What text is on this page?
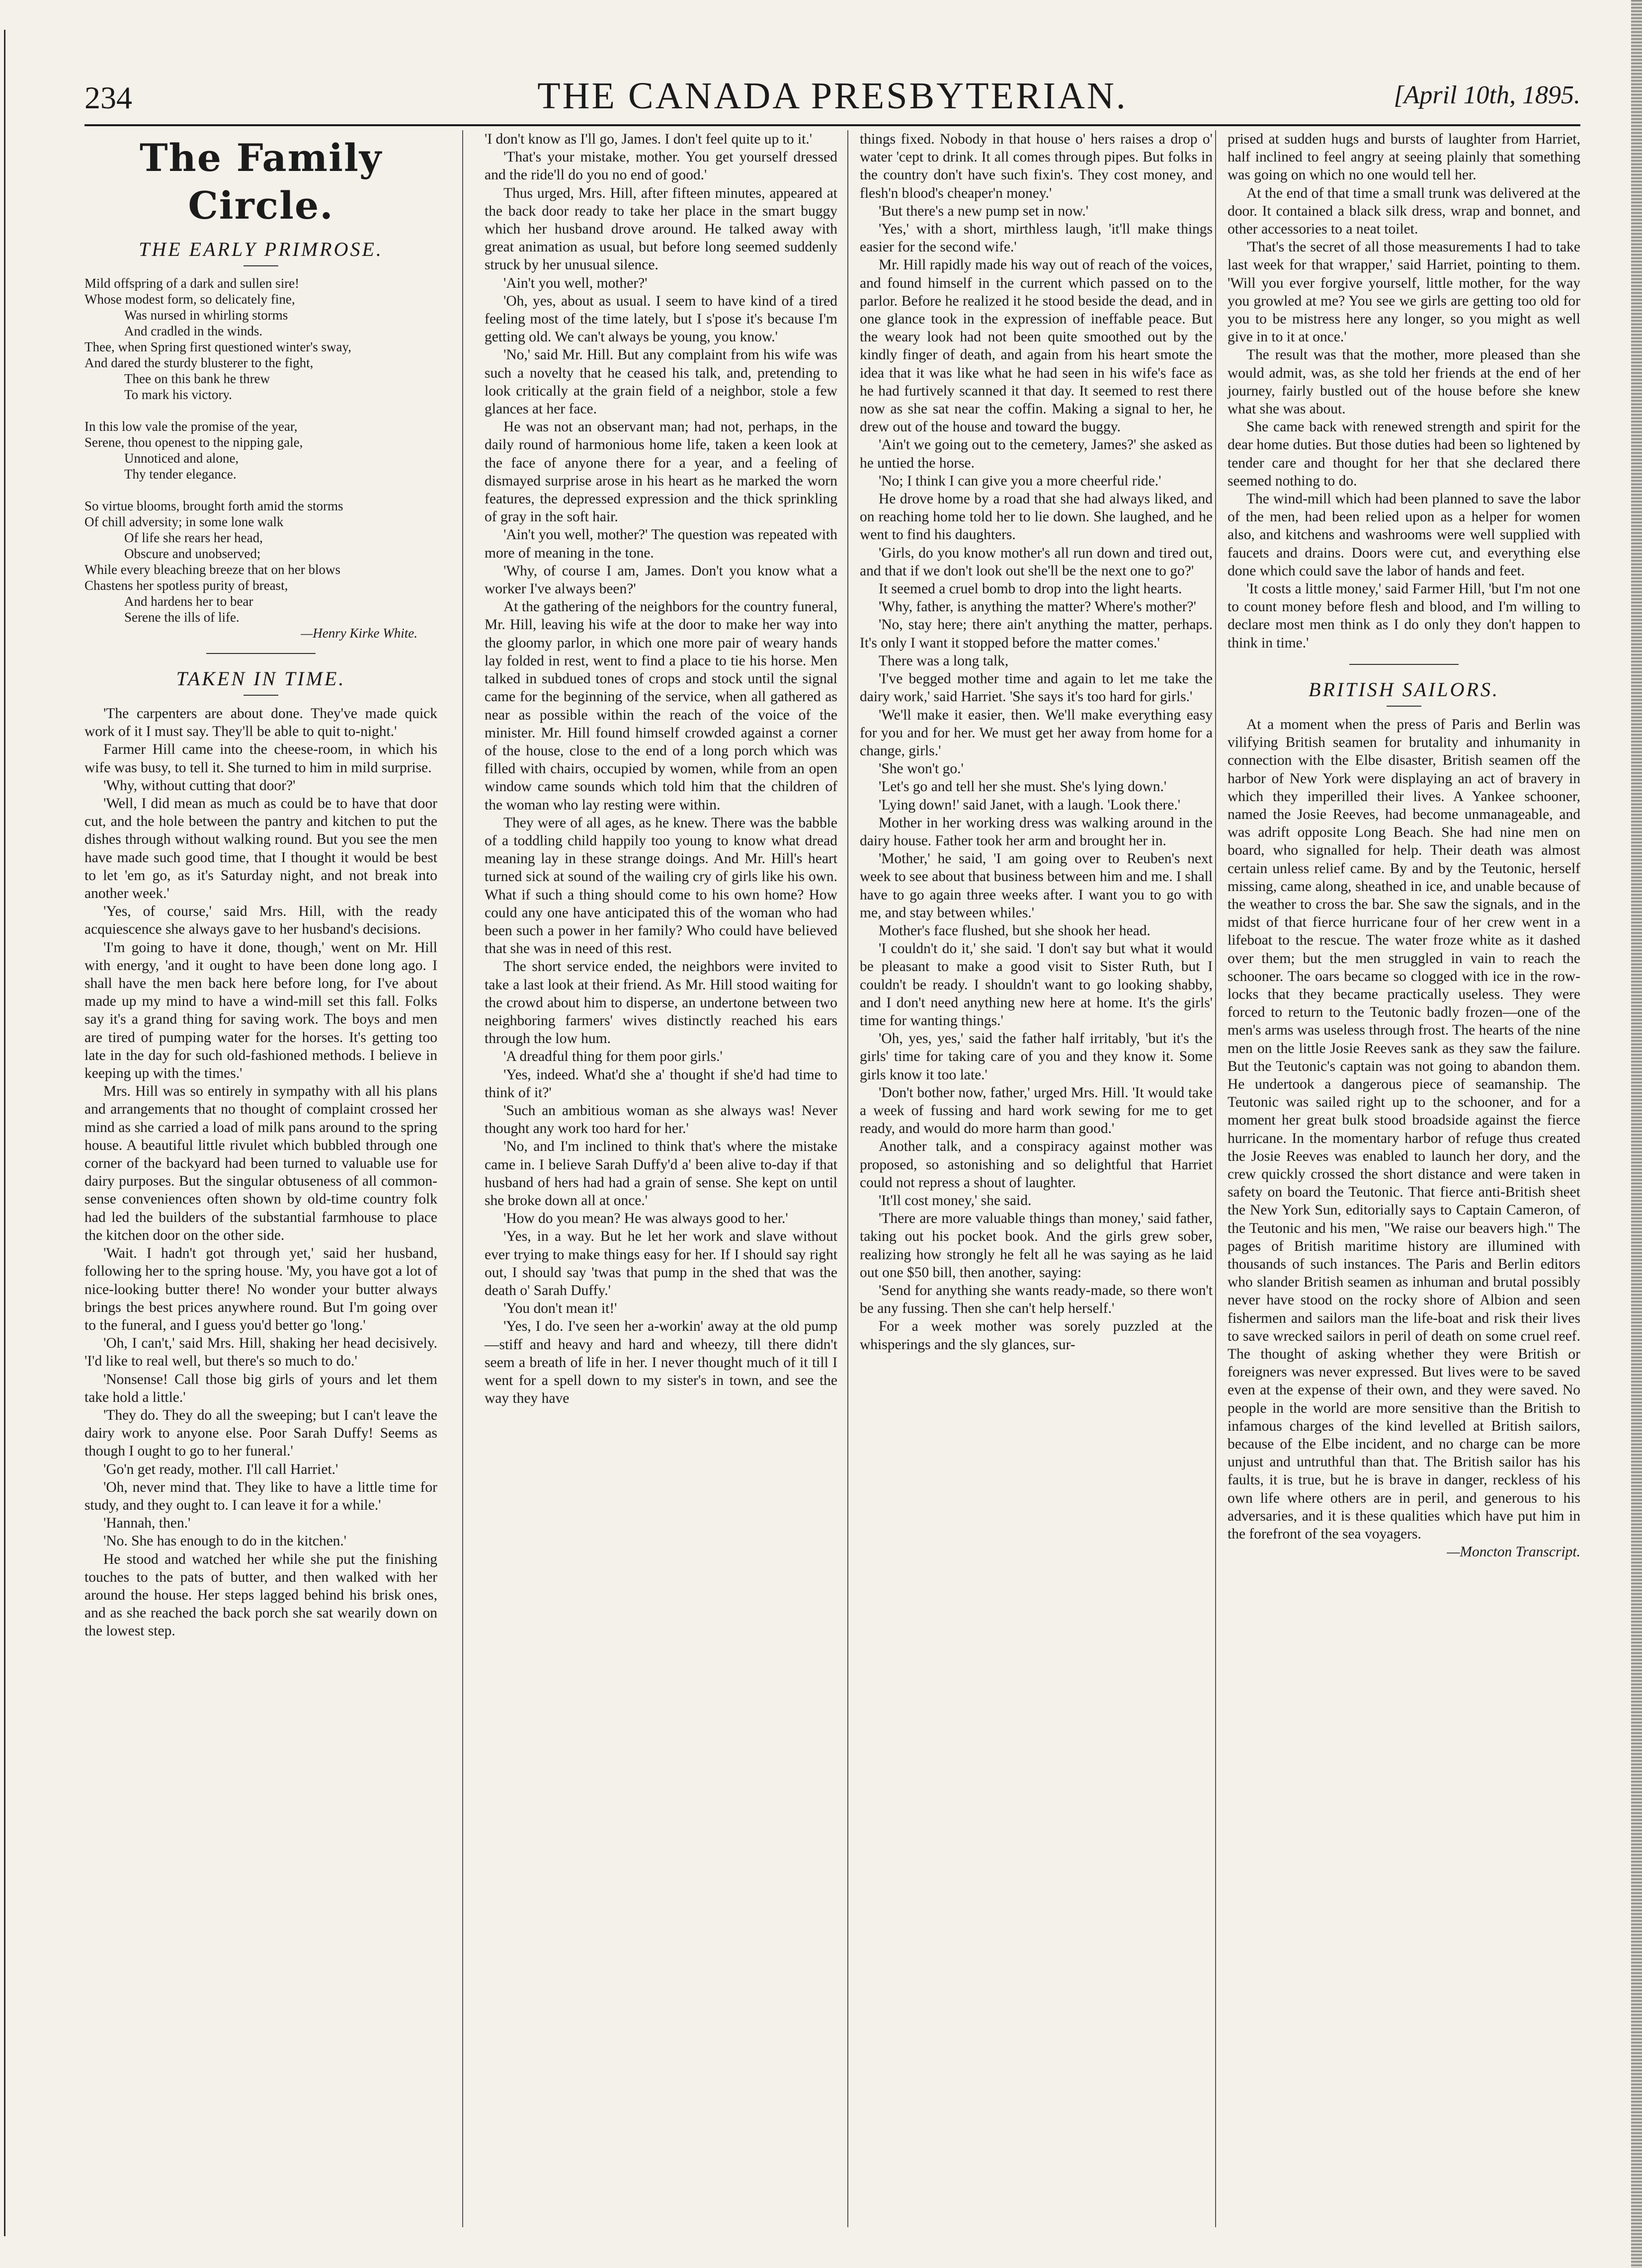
234	THE CANADA PRESBYTERIAN.	[April 10th, 1895.
The Family Circle.
THE EARLY PRIMROSE.
Mild offspring of a dark and sullen sire!
Whose modest form, so delicately fine,
Was nursed in whirling storms
And cradled in the winds.
Thee, when Spring first questioned winter's sway,
And dared the sturdy blusterer to the fight,
Thee on this bank he threw
To mark his victory.

In this low vale the promise of the year,
Serene, thou openest to the nipping gale,
Unnoticed and alone,
Thy tender elegance.

So virtue blooms, brought forth amid the storms
Of chill adversity; in some lone walk
Of life she rears her head,
Obscure and unobserved;
While every bleaching breeze that on her blows
Chastens her spotless purity of breast,
And hardens her to bear
Serene the ills of life.
—Henry Kirke White.
TAKEN IN TIME.

'The carpenters are about done. They've made quick work of it I must say. They'll be able to quit to-night.'

Farmer Hill came into the cheese-room, in which his wife was busy, to tell it. She turned to him in mild surprise.

'Why, without cutting that door?'

'Well, I did mean as much as could be to have that door cut, and the hole between the pantry and kitchen to put the dishes through without walking round. But you see the men have made such good time, that I thought it would be best to let 'em go, as it's Saturday night, and not break into another week.'

'Yes, of course,' said Mrs. Hill, with the ready acquiescence she always gave to her husband's decisions.

'I'm going to have it done, though,' went on Mr. Hill with energy, 'and it ought to have been done long ago. I shall have the men back here before long, for I've about made up my mind to have a wind-mill set this fall. Folks say it's a grand thing for saving work. The boys and men are tired of pumping water for the horses. It's getting too late in the day for such old-fashioned methods. I believe in keeping up with the times.'

Mrs. Hill was so entirely in sympathy with all his plans and arrangements that no thought of complaint crossed her mind as she carried a load of milk pans around to the spring house. A beautiful little rivulet which bubbled through one corner of the backyard had been turned to valuable use for dairy purposes. But the singular obtuseness of all common-sense conveniences often shown by old-time country folk had led the builders of the substantial farmhouse to place the kitchen door on the other side.

'Wait. I hadn't got through yet,' said her husband, following her to the spring house. 'My, you have got a lot of nice-looking butter there! No wonder your butter always brings the best prices anywhere round. But I'm going over to the funeral, and I guess you'd better go 'long.'

'Oh, I can't,' said Mrs. Hill, shaking her head decisively. 'I'd like to real well, but there's so much to do.'

'Nonsense! Call those big girls of yours and let them take hold a little.'

'They do. They do all the sweeping; but I can't leave the dairy work to anyone else. Poor Sarah Duffy! Seems as though I ought to go to her funeral.'

'Go'n get ready, mother. I'll call Harriet.'

'Oh, never mind that. They like to have a little time for study, and they ought to. I can leave it for a while.'

'Hannah, then.'

'No. She has enough to do in the kitchen.'

He stood and watched her while she put the finishing touches to the pats of butter, and then walked with her around the house. Her steps lagged behind his brisk ones, and as she reached the back porch she sat wearily down on the lowest step.

'I don't know as I'll go, James. I don't feel quite up to it.'

'That's your mistake, mother. You get yourself dressed and the ride'll do you no end of good.'

Thus urged, Mrs. Hill, after fifteen minutes, appeared at the back door ready to take her place in the smart buggy which her husband drove around. He talked away with great animation as usual, but before long seemed suddenly struck by her unusual silence.

'Ain't you well, mother?'

'Oh, yes, about as usual. I seem to have kind of a tired feeling most of the time lately, but I s'pose it's because I'm getting old. We can't always be young, you know.'

'No,' said Mr. Hill. But any complaint from his wife was such a novelty that he ceased his talk, and, pretending to look critically at the grain field of a neighbor, stole a few glances at her face.

He was not an observant man; had not, perhaps, in the daily round of harmonious home life, taken a keen look at the face of anyone there for a year, and a feeling of dismayed surprise arose in his heart as he marked the worn features, the depressed expression and the thick sprinkling of gray in the soft hair.

'Ain't you well, mother?' The question was repeated with more of meaning in the tone.

'Why, of course I am, James. Don't you know what a worker I've always been?'

At the gathering of the neighbors for the country funeral, Mr. Hill, leaving his wife at the door to make her way into the gloomy parlor, in which one more pair of weary hands lay folded in rest, went to find a place to tie his horse. Men talked in subdued tones of crops and stock until the signal came for the beginning of the service, when all gathered as near as possible within the reach of the voice of the minister. Mr. Hill found himself crowded against a corner of the house, close to the end of a long porch which was filled with chairs, occupied by women, while from an open window came sounds which told him that the children of the woman who lay resting were within.

They were of all ages, as he knew. There was the babble of a toddling child happily too young to know what dread meaning lay in these strange doings. And Mr. Hill's heart turned sick at sound of the wailing cry of girls like his own. What if such a thing should come to his own home? How could any one have anticipated this of the woman who had been such a power in her family? Who could have believed that she was in need of this rest.

The short service ended, the neighbors were invited to take a last look at their friend. As Mr. Hill stood waiting for the crowd about him to disperse, an undertone between two neighboring farmers' wives distinctly reached his ears through the low hum.

'A dreadful thing for them poor girls.'

'Yes, indeed. What'd she a' thought if she'd had time to think of it?'

'Such an ambitious woman as she always was! Never thought any work too hard for her.'

'No, and I'm inclined to think that's where the mistake came in. I believe Sarah Duffy'd a' been alive to-day if that husband of hers had had a grain of sense. She kept on until she broke down all at once.'

'How do you mean? He was always good to her.'

'Yes, in a way. But he let her work and slave without ever trying to make things easy for her. If I should say right out, I should say 'twas that pump in the shed that was the death o' Sarah Duffy.'

'You don't mean it!'

'Yes, I do. I've seen her a-workin' away at the old pump—stiff and heavy and hard and wheezy, till there didn't seem a breath of life in her. I never thought much of it till I went for a spell down to my sister's in town, and see the way they have

things fixed. Nobody in that house o' hers raises a drop o' water 'cept to drink. It all comes through pipes. But folks in the country don't have such fixin's. They cost money, and flesh'n blood's cheaper'n money.'

'But there's a new pump set in now.'

'Yes,' with a short, mirthless laugh, 'it'll make things easier for the second wife.'

Mr. Hill rapidly made his way out of reach of the voices, and found himself in the current which passed on to the parlor. Before he realized it he stood beside the dead, and in one glance took in the expression of ineffable peace. But the weary look had not been quite smoothed out by the kindly finger of death, and again from his heart smote the idea that it was like what he had seen in his wife's face as he had furtively scanned it that day. It seemed to rest there now as she sat near the coffin. Making a signal to her, he drew out of the house and toward the buggy.

'Ain't we going out to the cemetery, James?' she asked as he untied the horse.

'No; I think I can give you a more cheerful ride.'

He drove home by a road that she had always liked, and on reaching home told her to lie down. She laughed, and he went to find his daughters.

'Girls, do you know mother's all run down and tired out, and that if we don't look out she'll be the next one to go?'

It seemed a cruel bomb to drop into the light hearts.

'Why, father, is anything the matter? Where's mother?'

'No, stay here; there ain't anything the matter, perhaps. It's only I want it stopped before the matter comes.'

There was a long talk,

'I've begged mother time and again to let me take the dairy work,' said Harriet. 'She says it's too hard for girls.'

'We'll make it easier, then. We'll make everything easy for you and for her. We must get her away from home for a change, girls.'

'She won't go.'

'Let's go and tell her she must. She's lying down.'

'Lying down!' said Janet, with a laugh. 'Look there.'

Mother in her working dress was walking around in the dairy house. Father took her arm and brought her in.

'Mother,' he said, 'I am going over to Reuben's next week to see about that business between him and me. I shall have to go again three weeks after. I want you to go with me, and stay between whiles.'

Mother's face flushed, but she shook her head.

'I couldn't do it,' she said. 'I don't say but what it would be pleasant to make a good visit to Sister Ruth, but I couldn't be ready. I shouldn't want to go looking shabby, and I don't need anything new here at home. It's the girls' time for wanting things.'

'Oh, yes, yes,' said the father half irritably, 'but it's the girls' time for taking care of you and they know it. Some girls know it too late.'

'Don't bother now, father,' urged Mrs. Hill. 'It would take a week of fussing and hard work sewing for me to get ready, and would do more harm than good.'

Another talk, and a conspiracy against mother was proposed, so astonishing and so delightful that Harriet could not repress a shout of laughter.

'It'll cost money,' she said.

'There are more valuable things than money,' said father, taking out his pocket book. And the girls grew sober, realizing how strongly he felt all he was saying as he laid out one $50 bill, then another, saying:

'Send for anything she wants ready-made, so there won't be any fussing. Then she can't help herself.'

For a week mother was sorely puzzled at the whisperings and the sly glances, sur-

prised at sudden hugs and bursts of laughter from Harriet, half inclined to feel angry at seeing plainly that something was going on which no one would tell her.

At the end of that time a small trunk was delivered at the door. It contained a black silk dress, wrap and bonnet, and other accessories to a neat toilet.

'That's the secret of all those measurements I had to take last week for that wrapper,' said Harriet, pointing to them. 'Will you ever forgive yourself, little mother, for the way you growled at me? You see we girls are getting too old for you to be mistress here any longer, so you might as well give in to it at once.'

The result was that the mother, more pleased than she would admit, was, as she told her friends at the end of her journey, fairly bustled out of the house before she knew what she was about.

She came back with renewed strength and spirit for the dear home duties. But those duties had been so lightened by tender care and thought for her that she declared there seemed nothing to do.

The wind-mill which had been planned to save the labor of the men, had been relied upon as a helper for women also, and kitchens and washrooms were well supplied with faucets and drains. Doors were cut, and everything else done which could save the labor of hands and feet.

'It costs a little money,' said Farmer Hill, 'but I'm not one to count money before flesh and blood, and I'm willing to declare most men think as I do only they don't happen to think in time.'

BRITISH SAILORS.

At a moment when the press of Paris and Berlin was vilifying British seamen for brutality and inhumanity in connection with the Elbe disaster, British seamen off the harbor of New York were displaying an act of bravery in which they imperilled their lives. A Yankee schooner, named the Josie Reeves, had become unmanageable, and was adrift opposite Long Beach. She had nine men on board, who signalled for help. Their death was almost certain unless relief came. By and by the Teutonic, herself missing, came along, sheathed in ice, and unable because of the weather to cross the bar. She saw the signals, and in the midst of that fierce hurricane four of her crew went in a lifeboat to the rescue. The water froze white as it dashed over them; but the men struggled in vain to reach the schooner. The oars became so clogged with ice in the row-locks that they became practically useless. They were forced to return to the Teutonic badly frozen—one of the men's arms was useless through frost. The hearts of the nine men on the little Josie Reeves sank as they saw the failure. But the Teutonic's captain was not going to abandon them. He undertook a dangerous piece of seamanship. The Teutonic was sailed right up to the schooner, and for a moment her great bulk stood broadside against the fierce hurricane. In the momentary harbor of refuge thus created the Josie Reeves was enabled to launch her dory, and the crew quickly crossed the short distance and were taken in safety on board the Teutonic. That fierce anti-British sheet the New York Sun, editorially says to Captain Cameron, of the Teutonic and his men, "We raise our beavers high." The pages of British maritime history are illumined with thousands of such instances. The Paris and Berlin editors who slander British seamen as inhuman and brutal possibly never have stood on the rocky shore of Albion and seen fishermen and sailors man the life-boat and risk their lives to save wrecked sailors in peril of death on some cruel reef. The thought of asking whether they were British or foreigners was never expressed. But lives were to be saved even at the expense of their own, and they were saved. No people in the world are more sensitive than the British to infamous charges of the kind levelled at British sailors, because of the Elbe incident, and no charge can be more unjust and untruthful than that. The British sailor has his faults, it is true, but he is brave in danger, reckless of his own life where others are in peril, and generous to his adversaries, and it is these qualities which have put him in the forefront of the sea voyagers.

—Moncton Transcript.
